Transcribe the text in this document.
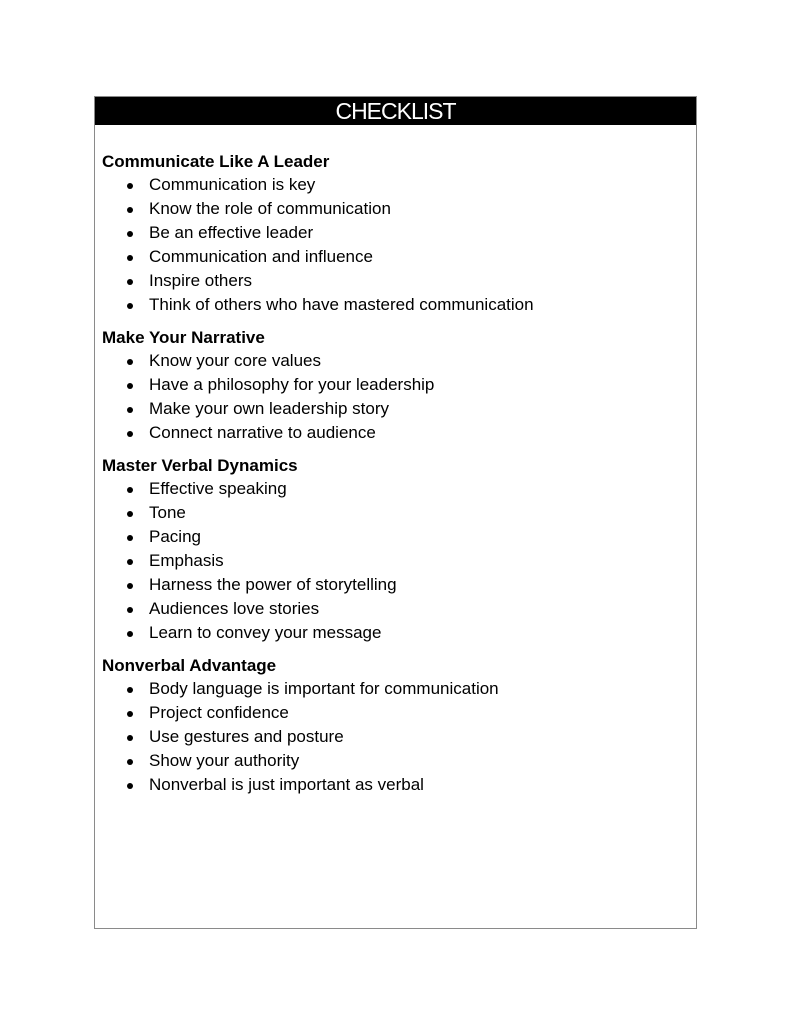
CHECKLIST

Communicate Like A Leader

Communication is key
Know the role of communication
Be an effective leader
Communication and influence
Inspire others
Think of others who have mastered communication

Make Your Narrative

Know your core values
Have a philosophy for your leadership
Make your own leadership story
Connect narrative to audience

Master Verbal Dynamics

Effective speaking
Tone
Pacing
Emphasis
Harness the power of storytelling
Audiences love stories
Learn to convey your message

Nonverbal Advantage

Body language is important for communication
Project confidence
Use gestures and posture
Show your authority
Nonverbal is just important as verbal
